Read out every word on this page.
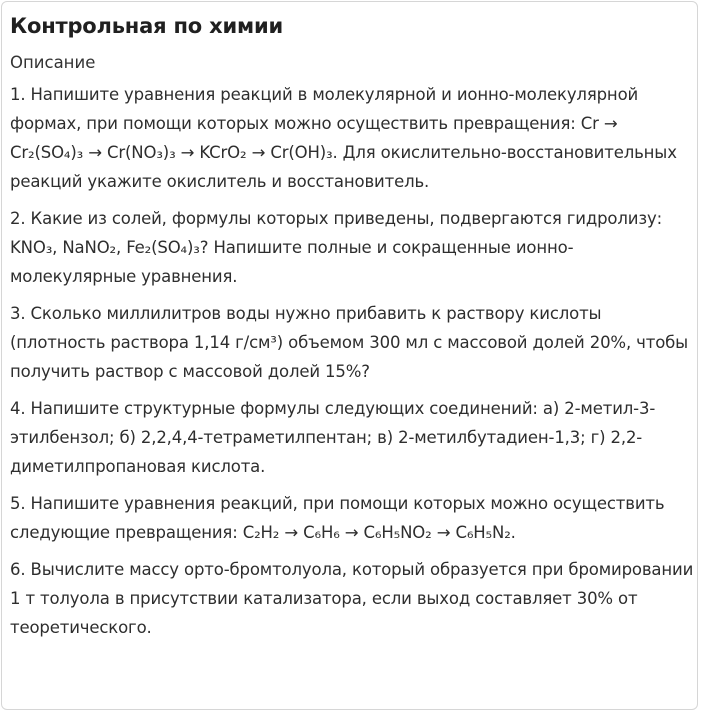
Контрольная по химии
Описание

1. Напишите уравнения реакций в молекулярной и ионно-молекулярной формах, при помощи которых можно осуществить превращения: Cr → Cr₂(SO₄)₃ → Cr(NO₃)₃ → KCrO₂ → Cr(OH)₃. Для окислительно-восстановительных реакций укажите окислитель и восстановитель.

2. Какие из солей, формулы которых приведены, подвергаются гидролизу: KNO₃, NaNO₂, Fe₂(SO₄)₃? Напишите полные и сокращенные ионно-молекулярные уравнения.

3. Сколько миллилитров воды нужно прибавить к раствору кислоты (плотность раствора 1,14 г/см³) объемом 300 мл с массовой долей 20%, чтобы получить раствор с массовой долей 15%?

4. Напишите структурные формулы следующих соединений: а) 2-метил-3-этилбензол; б) 2,2,4,4-тетраметилпентан; в) 2-метилбутадиен-1,3; г) 2,2-диметилпропановая кислота.

5. Напишите уравнения реакций, при помощи которых можно осуществить следующие превращения: C₂H₂ → C₆H₆ → C₆H₅NO₂ → C₆H₅N₂.

6. Вычислите массу орто-бромтолуола, который образуется при бромировании 1 т толуола в присутствии катализатора, если выход составляет 30% от теоретического.
